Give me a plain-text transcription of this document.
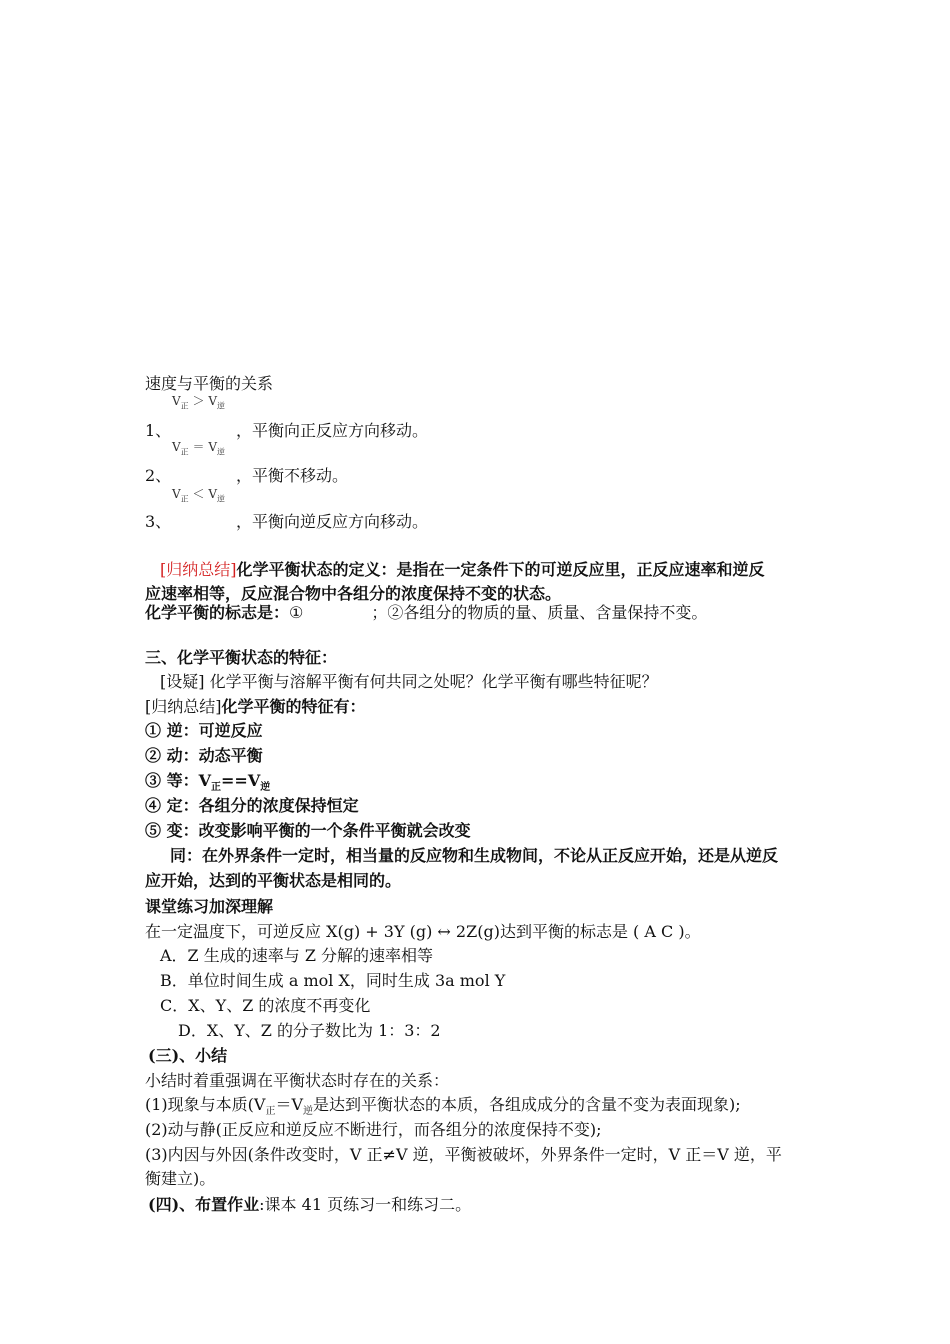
速度与平衡的关系
$V_正 > V_逆$
1、	，平衡向正反应方向移动。
$V_正 = V_逆$
2、	，平衡不移动。
$V_正 < V_逆$
3、	，平衡向逆反应方向移动。
[归纳总结]化学平衡状态的定义：是指在一定条件下的可逆反应里，正反应速率和逆反
应速率相等，反应混合物中各组分的浓度保持不变的状态。
化学平衡的标志是：①	；②各组分的物质的量、质量、含量保持不变。
三、化学平衡状态的特征：
[设疑] 化学平衡与溶解平衡有何共同之处呢？化学平衡有哪些特征呢？
[归纳总结]化学平衡的特征有：
① 逆：可逆反应
② 动：动态平衡
③ 等：$V_正==V_逆$
④ 定：各组分的浓度保持恒定
⑤ 变：改变影响平衡的一个条件平衡就会改变
同：在外界条件一定时，相当量的反应物和生成物间，不论从正反应开始，还是从逆反
应开始，达到的平衡状态是相同的。
课堂练习加深理解
在一定温度下，可逆反应 X(g) + 3Y (g) ↔ 2Z(g)达到平衡的标志是 ( A C )。
A．Z 生成的速率与 Z 分解的速率相等
B．单位时间生成 a mol X，同时生成 3a mol Y
C．X、Y、Z 的浓度不再变化
D．X、Y、Z 的分子数比为 1：3：2
(三)、小结
小结时着重强调在平衡状态时存在的关系：
(1)现象与本质($V_正=V_逆$是达到平衡状态的本质，各组成成分的含量不变为表面现象);
(2)动与静(正反应和逆反应不断进行，而各组分的浓度保持不变);
(3)内因与外因(条件改变时，V 正≠V 逆，平衡被破坏，外界条件一定时，V 正＝V 逆，平
衡建立)。
(四)、布置作业:课本 41 页练习一和练习二。
